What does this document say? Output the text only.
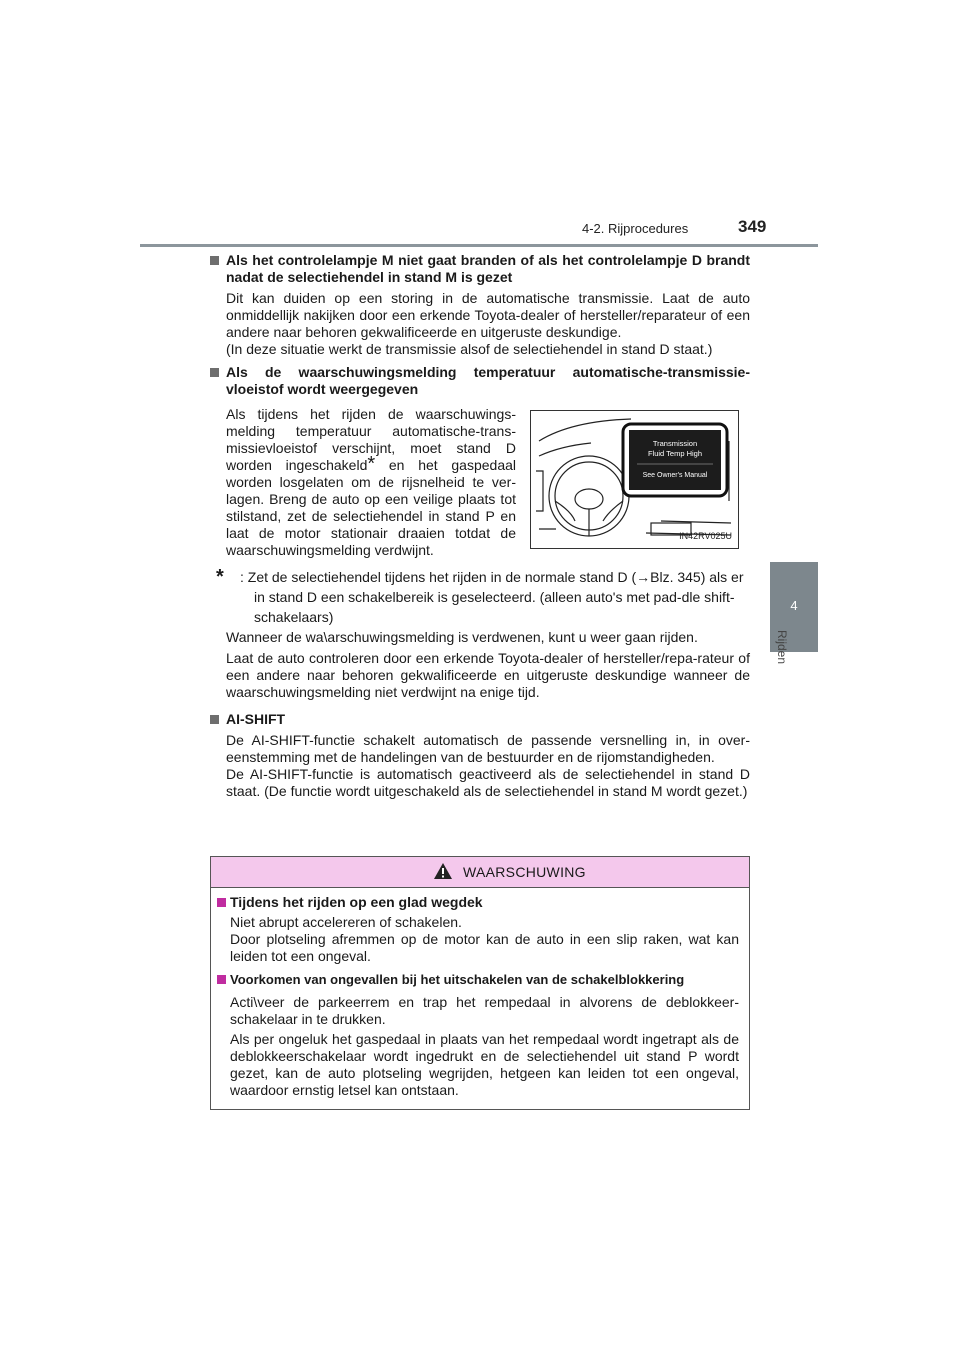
4-2. Rijprocedures	349
4
Rijden
Als het controlelampje M niet gaat branden of als het controlelampje D brandt nadat de selectiehendel in stand M is gezet
Dit kan duiden op een storing in de automatische transmissie. Laat de auto onmiddellijk nakijken door een erkende Toyota-dealer of hersteller/reparateur of een andere naar behoren gekwalificeerde en uitgeruste deskundige.
(In deze situatie werkt de transmissie alsof de selectiehendel in stand D staat.)
Als de waarschuwingsmelding temperatuur automatische-transmissie-vloeistof wordt weergegeven
Als tijdens het rijden de waarschuwings-melding temperatuur automatische-trans-missievloeistof verschijnt, moet stand D worden ingeschakeld* en het gaspedaal worden losgelaten om de rijsnelheid te ver-lagen. Breng de auto op een veilige plaats tot stilstand, zet de selectiehendel in stand P en laat de motor stationair draaien totdat de waarschuwingsmelding verdwijnt.
Transmission
Fluid Temp High
See Owner's Manual
IN42RV025U
* : Zet de selectiehendel tijdens het rijden in de normale stand D (→Blz. 345) als er in stand D een schakelbereik is geselecteerd. (alleen auto's met pad-dle shift-schakelaars)
Wanneer de wa\arschuwingsmelding is verdwenen, kunt u weer gaan rijden.
Laat de auto controleren door een erkende Toyota-dealer of hersteller/repa-rateur of een andere naar behoren gekwalificeerde en uitgeruste deskundige wanneer de waarschuwingsmelding niet verdwijnt na enige tijd.
AI-SHIFT
De AI-SHIFT-functie schakelt automatisch de passende versnelling in, in over-eenstemming met de handelingen van de bestuurder en de rijomstandigheden.
De AI-SHIFT-functie is automatisch geactiveerd als de selectiehendel in stand D staat. (De functie wordt uitgeschakeld als de selectiehendel in stand M wordt gezet.)
WAARSCHUWING
Tijdens het rijden op een glad wegdek
Niet abrupt accelereren of schakelen.
Door plotseling afremmen op de motor kan de auto in een slip raken, wat kan leiden tot een ongeval.
Voorkomen van ongevallen bij het uitschakelen van de schakelblokkering
Acti\veer de parkeerrem en trap het rempedaal in alvorens de deblokkeer-schakelaar in te drukken.
Als per ongeluk het gaspedaal in plaats van het rempedaal wordt ingetrapt als de deblokkeerschakelaar wordt ingedrukt en de selectiehendel uit stand P wordt gezet, kan de auto plotseling wegrijden, hetgeen kan leiden tot een ongeval, waardoor ernstig letsel kan ontstaan.
